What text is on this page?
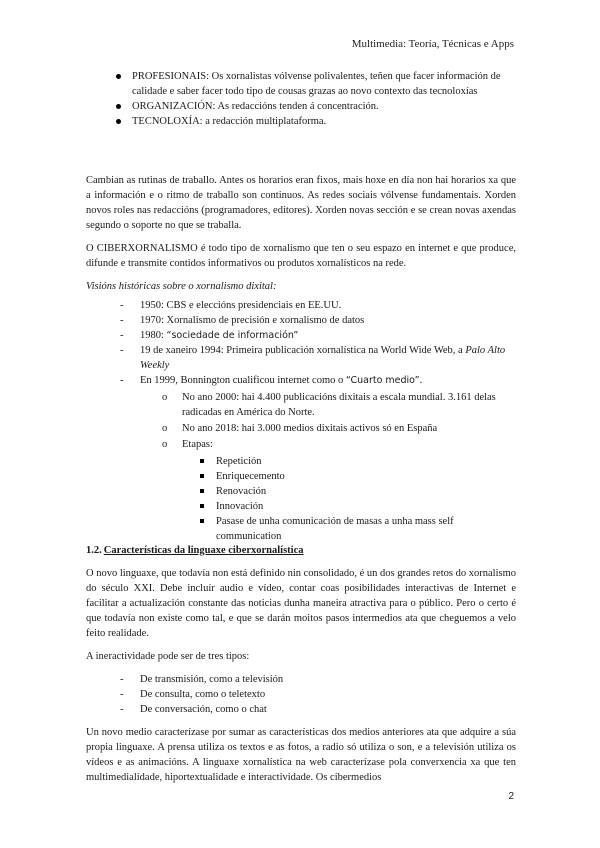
Multimedia: Teoría, Técnicas e Apps
PROFESIONAIS: Os xornalistas vólvense polivalentes, teñen que facer información de calidade e saber facer todo tipo de cousas grazas ao novo contexto das tecnoloxías
ORGANIZACIÓN: As redaccións tenden á concentración.
TECNOLOXÍA: a redacción multiplataforma.

Cambian as rutinas de traballo. Antes os horarios eran fixos, mais hoxe en día non hai horarios xa que a información e o ritmo de traballo son continuos. As redes sociais vólvense fundamentais. Xorden novos roles nas redaccións (programadores, editores). Xorden novas sección e se crean novas axendas segundo o soporte no que se traballa.

O CIBERXORNALISMO é todo tipo de xornalismo que ten o seu espazo en internet e que produce, difunde e transmite contidos informativos ou produtos xornalísticos na rede.

Visións históricas sobre o xornalismo dixital:

- 1950: CBS e eleccións presidenciais en EE.UU.
- 1970: Xornalismo de precisión e xornalismo de datos
- 1980: “sociedade de información”
- 19 de xaneiro 1994: Primeira publicación xornalística na World Wide Web, a Palo Alto Weekly
- En 1999, Bonnington cualificou internet como o “Cuarto medio”.
o No ano 2000: hai 4.400 publicacións dixitais a escala mundial. 3.161 delas radicadas en América do Norte.
o No ano 2018: hai 3.000 medios dixitais activos só en España
o Etapas:
Repetición
Enriquecemento
Renovación
Innovación
Pasase de unha comunicación de masas a unha mass self communication
1.2. Características da linguaxe ciberxornalística

O novo linguaxe, que todavía non está definido nin consolidado, é un dos grandes retos do xornalismo do século XXI. Debe incluír audio e vídeo, contar coas posibilidades interactivas de Internet e facilitar a actualización constante das noticias dunha maneira atractiva para o público. Pero o certo é que todavía non existe como tal, e que se darán moitos pasos intermedios ata que cheguemos a velo feito realidade.

A ineractividade pode ser de tres tipos:

- De transmisión, como a televisión
- De consulta, como o teletexto
- De conversación, como o chat

Un novo medio caracterízase por sumar as características dos medios anteriores ata que adquire a súa propia linguaxe. A prensa utiliza os textos e as fotos, a radio só utiliza o son, e a televisión utiliza os vídeos e as animacións. A linguaxe xornalística na web caracterízase pola converxencia xa que ten multimedialidade, hiportextualidade e interactividade. Os cibermedios

2
